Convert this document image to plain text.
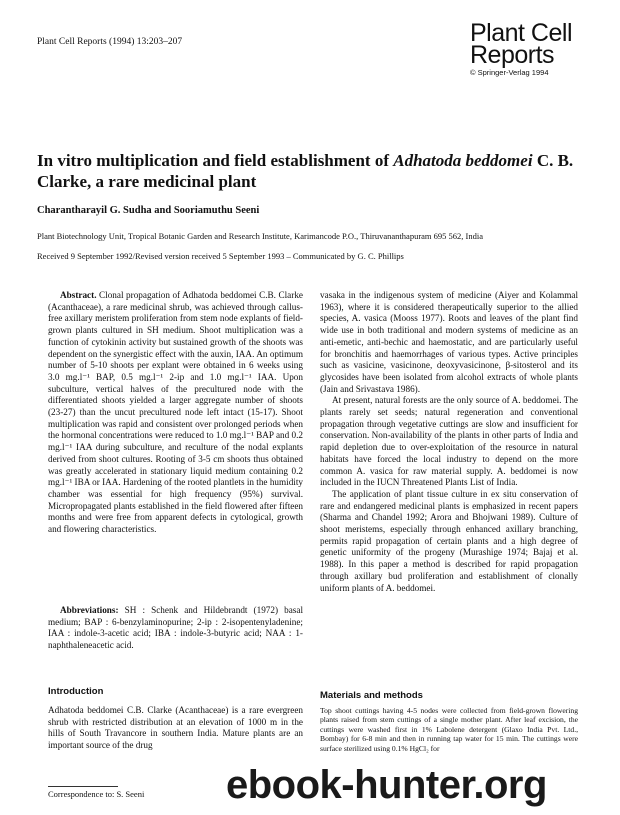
Plant Cell Reports (1994) 13:203–207	Plant Cell
Reports
© Springer-Verlag 1994
In vitro multiplication and field establishment of Adhatoda beddomei C. B. Clarke, a rare medicinal plant
Charantharayil G. Sudha and Sooriamuthu Seeni
Plant Biotechnology Unit, Tropical Botanic Garden and Research Institute, Karimancode P.O., Thiruvananthapuram 695 562, India
Received 9 September 1992/Revised version received 5 September 1993 – Communicated by G. C. Phillips

Abstract. Clonal propagation of Adhatoda beddomei C.B. Clarke (Acanthaceae), a rare medicinal shrub, was achieved through callus-free axillary meristem proliferation from stem node explants of field-grown plants cultured in SH medium. Shoot multiplication was a function of cytokinin activity but sustained growth of the shoots was dependent on the synergistic effect with the auxin, IAA. An optimum number of 5-10 shoots per explant were obtained in 6 weeks using 3.0 mg.l⁻¹ BAP, 0.5 mg.l⁻¹ 2-ip and 1.0 mg.l⁻¹ IAA. Upon subculture, vertical halves of the precultured node with the differentiated shoots yielded a larger aggregate number of shoots (23-27) than the uncut precultured node left intact (15-17). Shoot multiplication was rapid and consistent over prolonged periods when the hormonal concentrations were reduced to 1.0 mg.l⁻¹ BAP and 0.2 mg.l⁻¹ IAA during subculture, and reculture of the nodal explants derived from shoot cultures. Rooting of 3-5 cm shoots thus obtained was greatly accelerated in stationary liquid medium containing 0.2 mg.l⁻¹ IBA or IAA. Hardening of the rooted plantlets in the humidity chamber was essential for high frequency (95%) survival. Micropropagated plants established in the field flowered after fifteen months and were free from apparent defects in cytological, growth and flowering characteristics.

Abbreviations: SH : Schenk and Hildebrandt (1972) basal medium; BAP : 6-benzylaminopurine; 2-ip : 2-isopentenyladenine; IAA : indole-3-acetic acid; IBA : indole-3-butyric acid; NAA : 1-naphthaleneacetic acid.

vasaka in the indigenous system of medicine (Aiyer and Kolammal 1963), where it is considered therapeutically superior to the allied species, A. vasica (Mooss 1977). Roots and leaves of the plant find wide use in both traditional and modern systems of medicine as an anti-emetic, anti-bechic and haemostatic, and are particularly useful for bronchitis and haemorrhages of various types. Active principles such as vasicine, vasicinone, deoxyvasicinone, β-sitosterol and its glycosides have been isolated from alcohol extracts of whole plants (Jain and Srivastava 1986).

At present, natural forests are the only source of A. beddomei. The plants rarely set seeds; natural regeneration and conventional propagation through vegetative cuttings are slow and insufficient for conservation. Non-availability of the plants in other parts of India and rapid depletion due to over-exploitation of the resource in natural habitats have forced the local industry to depend on the more common A. vasica for raw material supply. A. beddomei is now included in the IUCN Threatened Plants List of India.

The application of plant tissue culture in ex situ conservation of rare and endangered medicinal plants is emphasized in recent papers (Sharma and Chandel 1992; Arora and Bhojwani 1989). Culture of shoot meristems, especially through enhanced axillary branching, permits rapid propagation of certain plants and a high degree of genetic uniformity of the progeny (Murashige 1974; Bajaj et al. 1988). In this paper a method is described for rapid propagation through axillary bud proliferation and establishment of clonally uniform plants of A. beddomei.

Introduction

Adhatoda beddomei C.B. Clarke (Acanthaceae) is a rare evergreen shrub with restricted distribution at an elevation of 1000 m in the hills of South Travancore in southern India. Mature plants are an important source of the drug

Materials and methods
Top shoot cuttings having 4-5 nodes were collected from field-grown flowering plants raised from stem cuttings of a single mother plant. After leaf excision, the cuttings were washed first in 1% Labolene detergent (Glaxo India Pvt. Ltd., Bombay) for 6-8 min and then in running tap water for 15 min. The cuttings were surface sterilized using 0.1% HgCl₂ for
Correspondence to: S. Seeni ebook-hunter.org
